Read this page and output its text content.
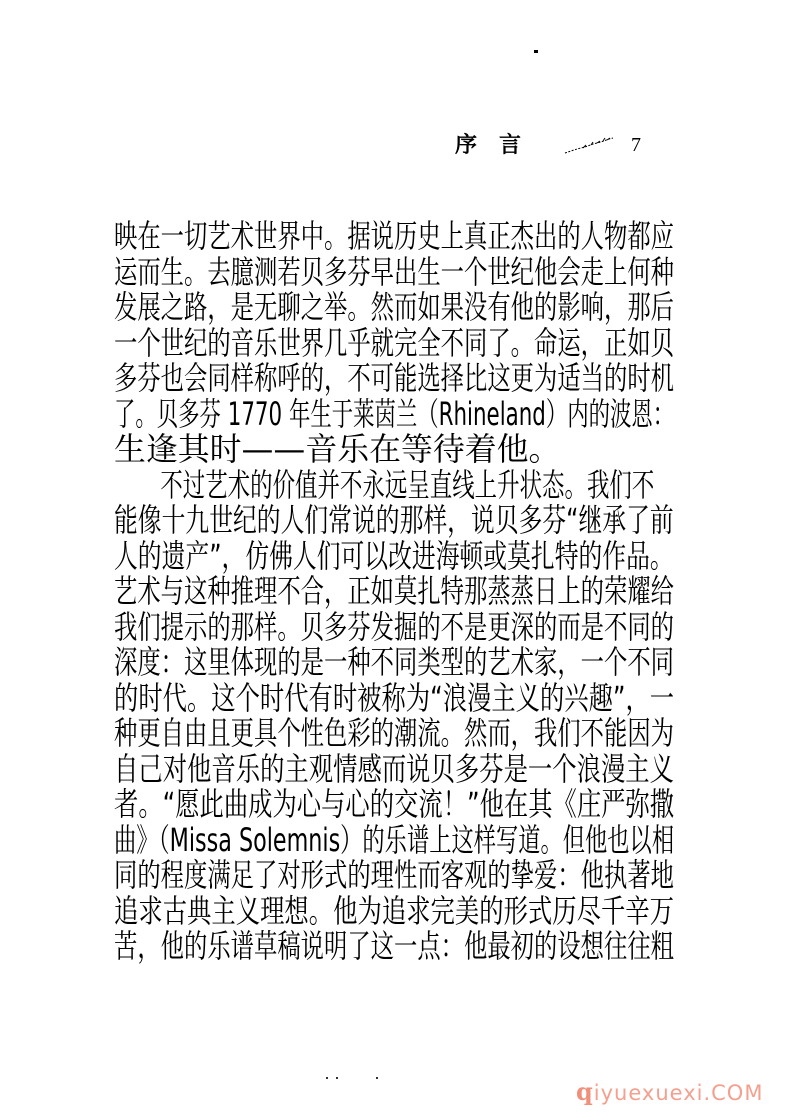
序言	7
映在一切艺术世界中。据说历史上真正杰出的人物都应
运而生。去臆测若贝多芬早出生一个世纪他会走上何种
发展之路，是无聊之举。然而如果没有他的影响，那后
一个世纪的音乐世界几乎就完全不同了。命运，正如贝
多芬也会同样称呼的，不可能选择比这更为适当的时机
了。贝多芬 1770 年生于莱茵兰（Rhineland）内的波恩：
生逢其时——音乐在等待着他。
不过艺术的价值并不永远呈直线上升状态。我们不
能像十九世纪的人们常说的那样，说贝多芬“继承了前
人的遗产”，仿佛人们可以改进海顿或莫扎特的作品。
艺术与这种推理不合，正如莫扎特那蒸蒸日上的荣耀给
我们提示的那样。贝多芬发掘的不是更深的而是不同的
深度：这里体现的是一种不同类型的艺术家，一个不同
的时代。这个时代有时被称为“浪漫主义的兴趣”，一
种更自由且更具个性色彩的潮流。然而，我们不能因为
自己对他音乐的主观情感而说贝多芬是一个浪漫主义
者。“愿此曲成为心与心的交流！”他在其《庄严弥撒
曲》（Missa Solemnis）的乐谱上这样写道。但他也以相
同的程度满足了对形式的理性而客观的挚爱：他执著地
追求古典主义理想。他为追求完美的形式历尽千辛万
苦，他的乐谱草稿说明了这一点：他最初的设想往往粗
qiyuexuexi.COM
